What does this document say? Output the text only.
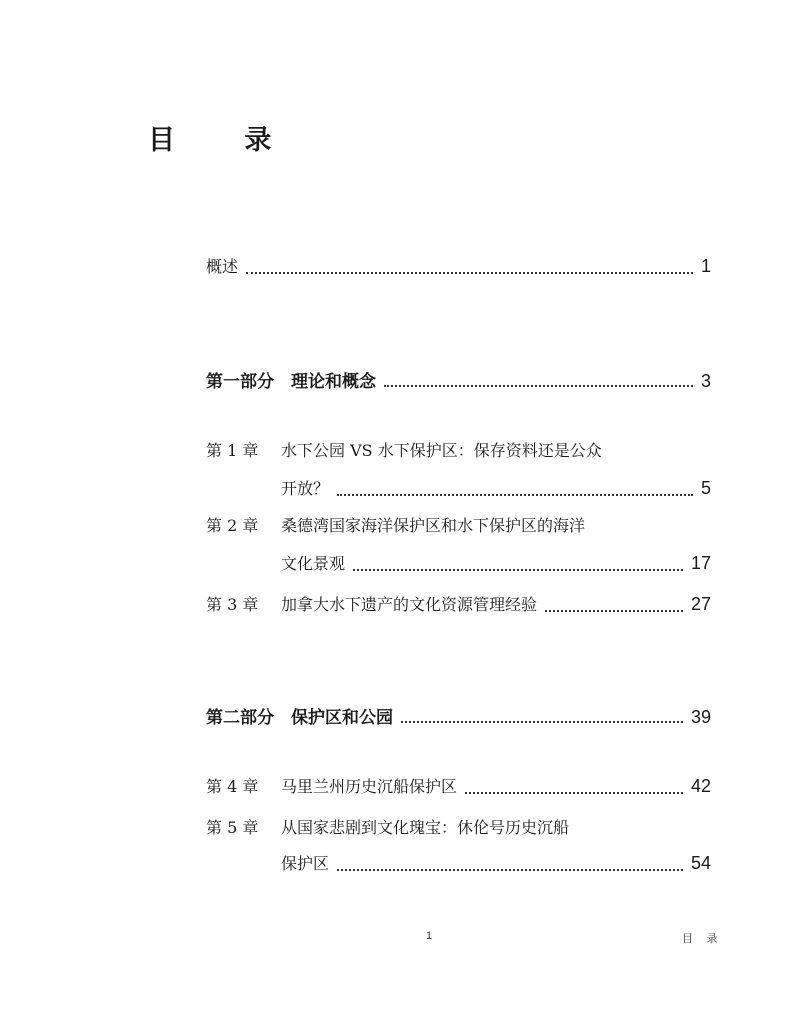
目 录
概述	1
第一部分　理论和概念	3
第 1 章	水下公园 VS 水下保护区：保存资料还是公众
开放？	5
第 2 章	桑德湾国家海洋保护区和水下保护区的海洋
文化景观	17
第 3 章	加拿大水下遗产的文化资源管理经验	27
第二部分　保护区和公园	39
第 4 章	马里兰州历史沉船保护区	42
第 5 章	从国家悲剧到文化瑰宝：休伦号历史沉船
保护区	54
1	目 录
